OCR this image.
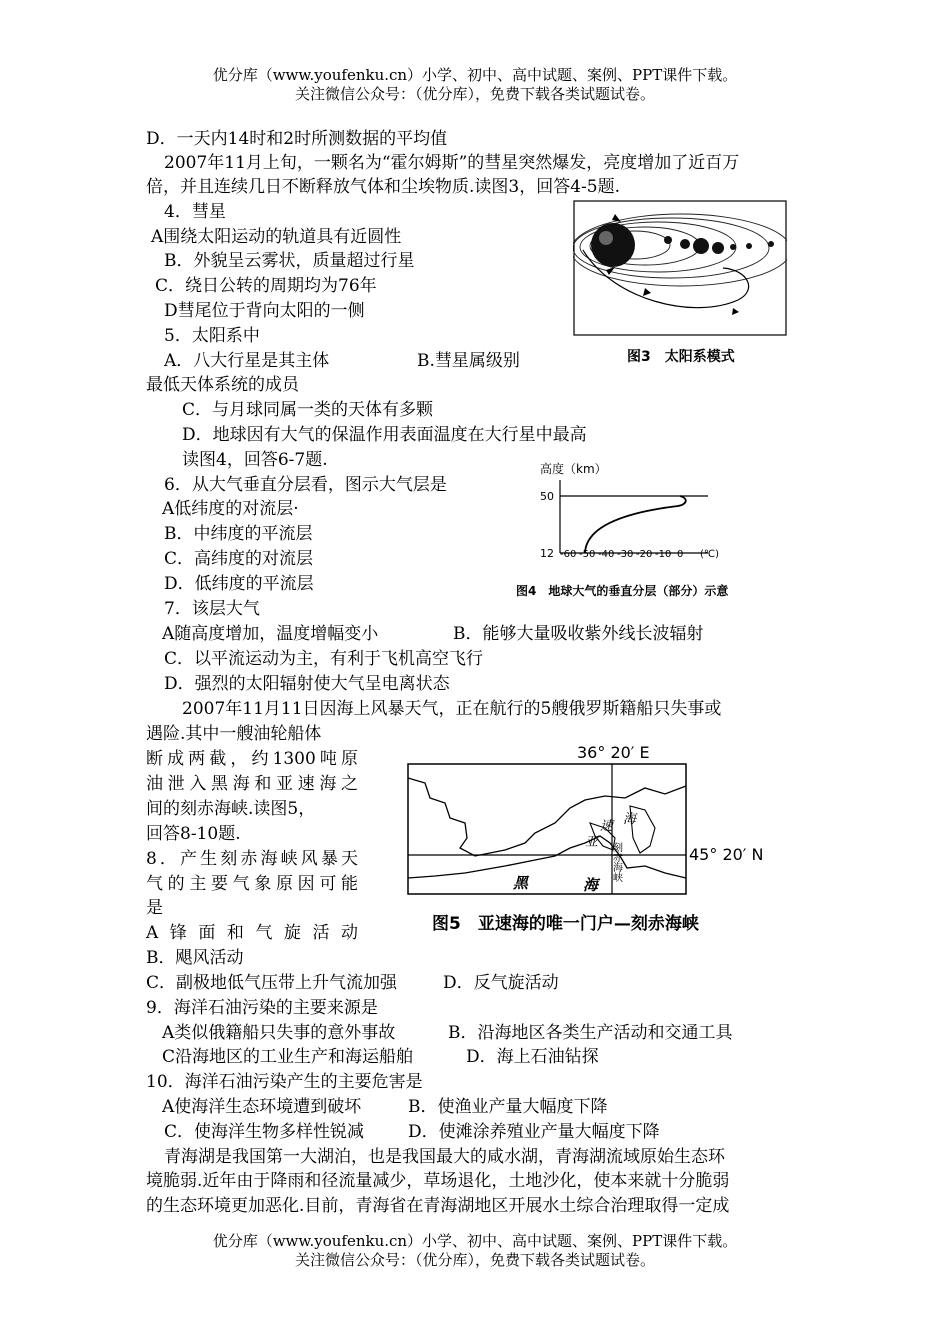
优分库（www.youfenku.cn）小学、初中、高中试题、案例、PPT课件下载。
关注微信公众号：（优分库），免费下载各类试题试卷。
D．一天内14时和2时所测数据的平均值
2007年11月上旬，一颗名为“霍尔姆斯”的彗星突然爆发，亮度增加了近百万
倍，并且连续几日不断释放气体和尘埃物质.读图3，回答4-5题.
4．彗星
A围绕太阳运动的轨道具有近圆性
B．外貌呈云雾状，质量超过行星
C．绕日公转的周期均为76年
D彗尾位于背向太阳的一侧
5．太阳系中
A．八大行星是其主体	B.彗星属级别
最低天体系统的成员
C．与月球同属一类的天体有多颗
D．地球因有大气的保温作用表面温度在大行星中最高
读图4，回答6-7题.
6．从大气垂直分层看，图示大气层是
A低纬度的对流层·
B．中纬度的平流层
C．高纬度的对流层
D．低纬度的平流层
7．该层大气
A随高度增加，温度增幅变小	B．能够大量吸收紫外线长波辐射
C．以平流运动为主，有利于飞机高空飞行
D．强烈的太阳辐射使大气呈电离状态
2007年11月11日因海上风暴天气，正在航行的5艘俄罗斯籍船只失事或
遇险.其中一艘油轮船体
断成两截，约1300吨原
油泄入黑海和亚速海之
间的刻赤海峡.读图5，
回答8-10题.
8．产生刻赤海峡风暴天
气的主要气象原因可能
是
A锋面和气旋活动
B．飓风活动
C．副极地低气压带上升气流加强	D．反气旋活动
9．海洋石油污染的主要来源是
A类似俄籍船只失事的意外事故	B．沿海地区各类生产活动和交通工具
C沿海地区的工业生产和海运船舶	D．海上石油钻探
10．海洋石油污染产生的主要危害是
A使海洋生态环境遭到破坏	B．使渔业产量大幅度下降
C．使海洋生物多样性锐减	D．使滩涂养殖业产量大幅度下降
青海湖是我国第一大湖泊，也是我国最大的咸水湖，青海湖流域原始生态环
境脆弱.近年由于降雨和径流量减少，草场退化，土地沙化，使本来就十分脆弱
的生态环境更加恶化.目前，青海省在青海湖地区开展水土综合治理取得一定成
图3　太阳系模式
高度（km）
50
12 -60 -50 -40 -30 -20 -10 0 (℃)
图4　地球大气的垂直分层（部分）示意
36° 20′ E
速
亚
海
黑	海
刻赤海峡	45° 20′ N
图5　亚速海的唯一门户—刻赤海峡
优分库（www.youfenku.cn）小学、初中、高中试题、案例、PPT课件下载。
关注微信公众号：（优分库），免费下载各类试题试卷。
